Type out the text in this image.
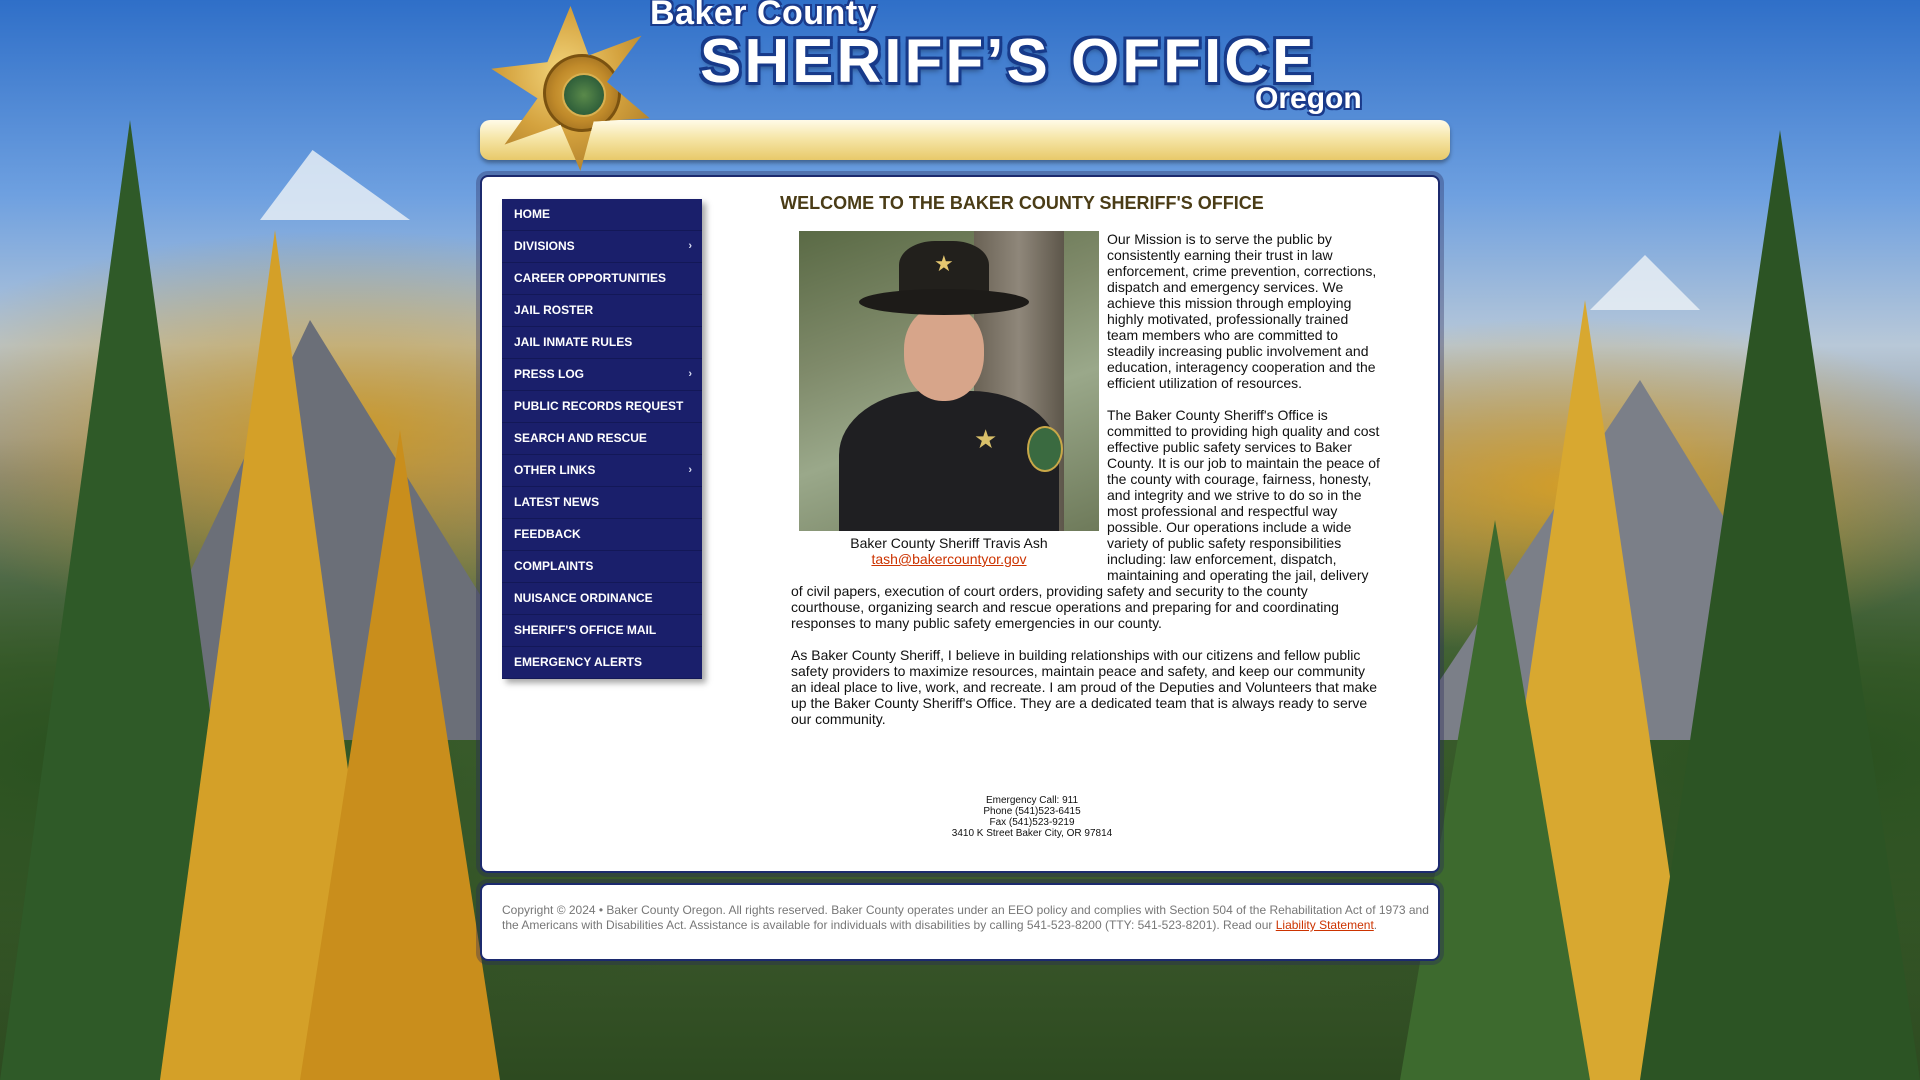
Baker County
SHERIFF’S OFFICE
Oregon
HOME
DIVISIONS	›
CAREER OPPORTUNITIES
JAIL ROSTER
JAIL INMATE RULES
PRESS LOG	›
PUBLIC RECORDS REQUEST
SEARCH AND RESCUE
OTHER LINKS	›
LATEST NEWS
FEEDBACK
COMPLAINTS
NUISANCE ORDINANCE
SHERIFF'S OFFICE MAIL
EMERGENCY ALERTS
WELCOME TO THE BAKER COUNTY SHERIFF'S OFFICE
★
★
Baker County Sheriff Travis Ash
tash@bakercountyor.gov

Our Mission is to serve the public by consistently earning their trust in law enforcement, crime prevention, corrections, dispatch and emergency services. We achieve this mission through employing highly motivated, professionally trained team members who are committed to steadily increasing public involvement and education, interagency cooperation and the efficient utilization of resources.

The Baker County Sheriff's Office is committed to providing high quality and cost effective public safety services to Baker County. It is our job to maintain the peace of the county with courage, fairness, honesty, and integrity and we strive to do so in the most professional and respectful way possible. Our operations include a wide variety of public safety responsibilities including: law enforcement, dispatch, maintaining and operating the jail, delivery of civil papers, execution of court orders, providing safety and security to the county courthouse, organizing search and rescue operations and preparing for and coordinating responses to many public safety emergencies in our county.

As Baker County Sheriff, I believe in building relationships with our citizens and fellow public safety providers to maximize resources, maintain peace and safety, and keep our community an ideal place to live, work, and recreate. I am proud of the Deputies and Volunteers that make up the Baker County Sheriff's Office. They are a dedicated team that is always ready to serve our community.

Emergency Call: 911
Phone (541)523-6415
Fax (541)523-9219
3410 K Street Baker City, OR 97814
Copyright © 2024 • Baker County Oregon. All rights reserved. Baker County operates under an EEO policy and complies with Section 504 of the Rehabilitation Act of 1973 and the Americans with Disabilities Act. Assistance is available for individuals with disabilities by calling 541-523-8200 (TTY: 541-523-8201). Read our Liability Statement.
